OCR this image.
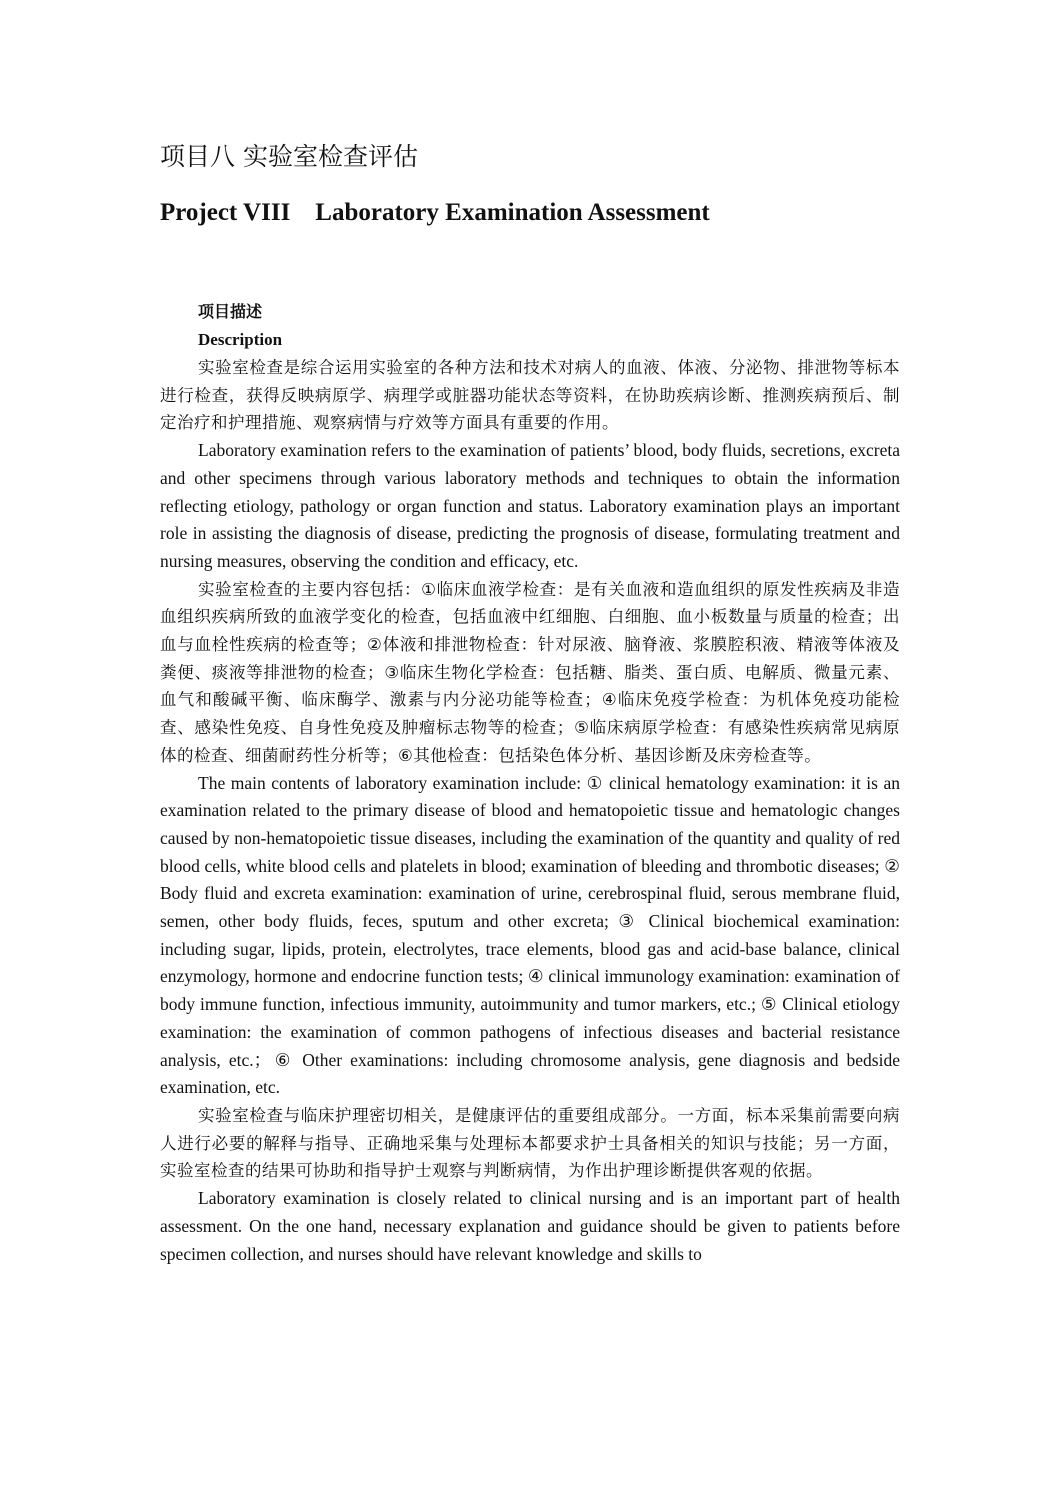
项目八 实验室检查评估
Project VIII    Laboratory Examination Assessment
项目描述
Description

实验室检查是综合运用实验室的各种方法和技术对病人的血液、体液、分泌物、排泄物等标本进行检查，获得反映病原学、病理学或脏器功能状态等资料，在协助疾病诊断、推测疾病预后、制定治疗和护理措施、观察病情与疗效等方面具有重要的作用。

Laboratory examination refers to the examination of patients’ blood, body fluids, secretions, excreta and other specimens through various laboratory methods and techniques to obtain the information reflecting etiology, pathology or organ function and status. Laboratory examination plays an important role in assisting the diagnosis of disease, predicting the prognosis of disease, formulating treatment and nursing measures, observing the condition and efficacy, etc.

实验室检查的主要内容包括：①临床血液学检查：是有关血液和造血组织的原发性疾病及非造血组织疾病所致的血液学变化的检查，包括血液中红细胞、白细胞、血小板数量与质量的检查；出血与血栓性疾病的检查等；②体液和排泄物检查：针对尿液、脑脊液、浆膜腔积液、精液等体液及粪便、痰液等排泄物的检查；③临床生物化学检查：包括糖、脂类、蛋白质、电解质、微量元素、血气和酸碱平衡、临床酶学、激素与内分泌功能等检查；④临床免疫学检查：为机体免疫功能检查、感染性免疫、自身性免疫及肿瘤标志物等的检查；⑤临床病原学检查：有感染性疾病常见病原体的检查、细菌耐药性分析等；⑥其他检查：包括染色体分析、基因诊断及床旁检查等。

The main contents of laboratory examination include: ① clinical hematology examination: it is an examination related to the primary disease of blood and hematopoietic tissue and hematologic changes caused by non-hematopoietic tissue diseases, including the examination of the quantity and quality of red blood cells, white blood cells and platelets in blood; examination of bleeding and thrombotic diseases; ② Body fluid and excreta examination: examination of urine, cerebrospinal fluid, serous membrane fluid, semen, other body fluids, feces, sputum and other excreta; ③ Clinical biochemical examination: including sugar, lipids, protein, electrolytes, trace elements, blood gas and acid-base balance, clinical enzymology, hormone and endocrine function tests; ④ clinical immunology examination: examination of body immune function, infectious immunity, autoimmunity and tumor markers, etc.; ⑤ Clinical etiology examination: the examination of common pathogens of infectious diseases and bacterial resistance analysis, etc.；⑥ Other examinations: including chromosome analysis, gene diagnosis and bedside examination, etc.

实验室检查与临床护理密切相关，是健康评估的重要组成部分。一方面，标本采集前需要向病人进行必要的解释与指导、正确地采集与处理标本都要求护士具备相关的知识与技能；另一方面，实验室检查的结果可协助和指导护士观察与判断病情，为作出护理诊断提供客观的依据。

Laboratory examination is closely related to clinical nursing and is an important part of health assessment. On the one hand, necessary explanation and guidance should be given to patients before specimen collection, and nurses should have relevant knowledge and skills to
